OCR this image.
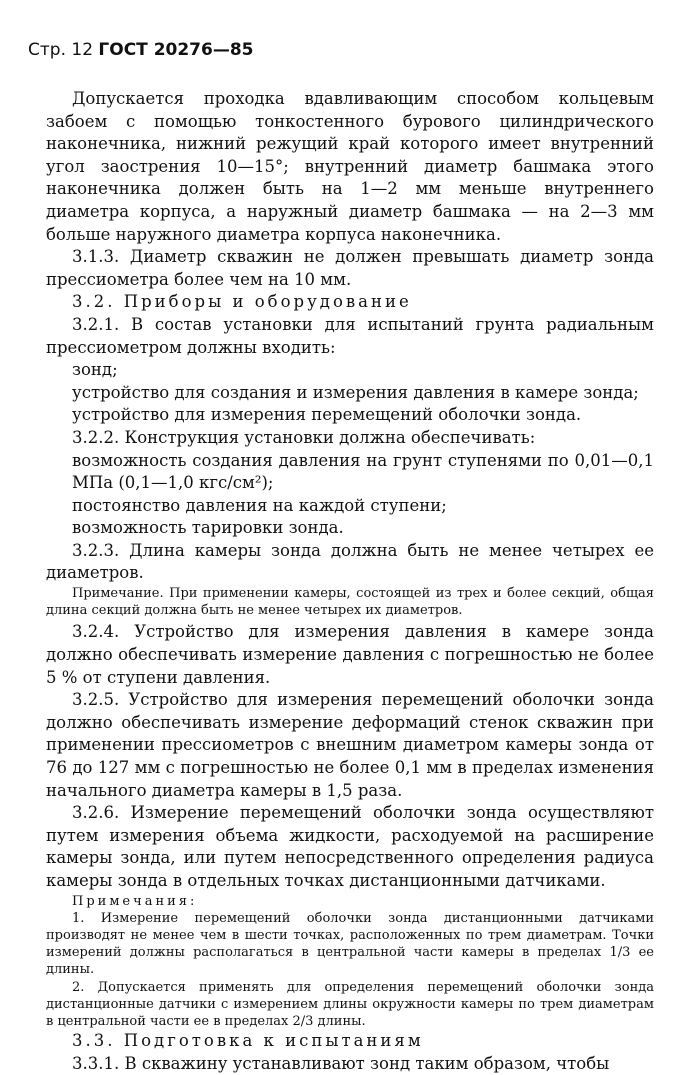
Стр. 12 ГОСТ 20276—85

Допускается проходка вдавливающим способом кольцевым забоем с помощью тонкостенного бурового цилиндрического наконечника, нижний режущий край которого имеет внутренний угол заострения 10—15°; внутренний диаметр башмака этого наконечника должен быть на 1—2 мм меньше внутреннего диаметра корпуса, а наружный диаметр башмака — на 2—3 мм больше наружного диаметра корпуса наконечника.

3.1.3. Диаметр скважин не должен превышать диаметр зонда прессиометра более чем на 10 мм.

3.2. Приборы и оборудование

3.2.1. В состав установки для испытаний грунта радиальным прессиометром должны входить:

зонд;

устройство для создания и измерения давления в камере зонда;

устройство для измерения перемещений оболочки зонда.

3.2.2. Конструкция установки должна обеспечивать:

возможность создания давления на грунт ступенями по 0,01—0,1 МПа (0,1—1,0 кгс/см²);

постоянство давления на каждой ступени;

возможность тарировки зонда.

3.2.3. Длина камеры зонда должна быть не менее четырех ее диаметров.

Примечание. При применении камеры, состоящей из трех и более секций, общая длина секций должна быть не менее четырех их диаметров.

3.2.4. Устройство для измерения давления в камере зонда должно обеспечивать измерение давления с погрешностью не более 5 % от ступени давления.

3.2.5. Устройство для измерения перемещений оболочки зонда должно обеспечивать измерение деформаций стенок скважин при применении прессиометров с внешним диаметром камеры зонда от 76 до 127 мм с погрешностью не более 0,1 мм в пределах изменения начального диаметра камеры в 1,5 раза.

3.2.6. Измерение перемещений оболочки зонда осуществляют путем измерения объема жидкости, расходуемой на расширение камеры зонда, или путем непосредственного определения радиуса камеры зонда в отдельных точках дистанционными датчиками.

Примечания:

1. Измерение перемещений оболочки зонда дистанционными датчиками производят не менее чем в шести точках, расположенных по трем диаметрам. Точки измерений должны располагаться в центральной части камеры в пределах 1/3 ее длины.

2. Допускается применять для определения перемещений оболочки зонда дистанционные датчики с измерением длины окружности камеры по трем диаметрам в центральной части ее в пределах 2/3 длины.

3.3. Подготовка к испытаниям

3.3.1. В скважину устанавливают зонд таким образом, чтобы
